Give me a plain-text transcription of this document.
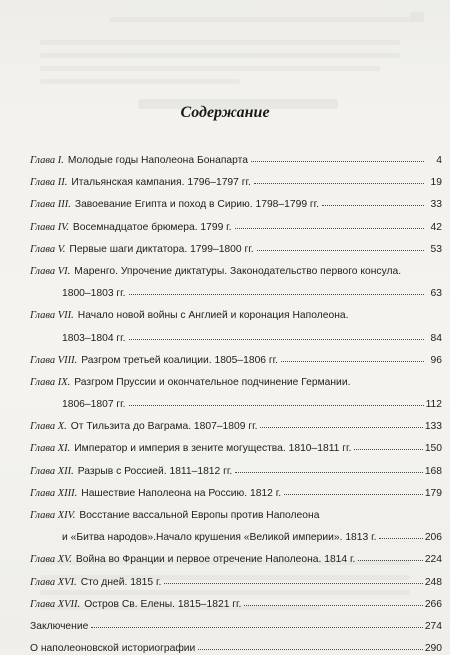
Содержание
Глава I. Молодые годы Наполеона Бонапарта	4
Глава II. Итальянская кампания. 1796–1797 гг.	19
Глава III. Завоевание Египта и поход в Сирию. 1798–1799 гг.	33
Глава IV. Восемнадцатое брюмера. 1799 г.	42
Глава V. Первые шаги диктатора. 1799–1800 гг.	53
Глава VI. Маренго. Упрочение диктатуры. Законодательство первого консула.
1800–1803 гг.	63
Глава VII. Начало новой войны с Англией и коронация Наполеона.
1803–1804 гг.	84
Глава VIII. Разгром третьей коалиции. 1805–1806 гг.	96
Глава IX. Разгром Пруссии и окончательное подчинение Германии.
1806–1807 гг.	112
Глава X. От Тильзита до Ваграма. 1807–1809 гг.	133
Глава XI. Император и империя в зените могущества. 1810–1811 гг.	150
Глава XII. Разрыв с Россией. 1811–1812 гг.	168
Глава XIII. Нашествие Наполеона на Россию. 1812 г.	179
Глава XIV. Восстание вассальной Европы против Наполеона
и «Битва народов».Начало крушения «Великой империи». 1813 г.	206
Глава XV. Война во Франции и первое отречение Наполеона. 1814 г.	224
Глава XVI. Сто дней. 1815 г.	248
Глава XVII. Остров Св. Елены. 1815–1821 гг.	266
Заключение	274
О наполеоновской историографии	290
